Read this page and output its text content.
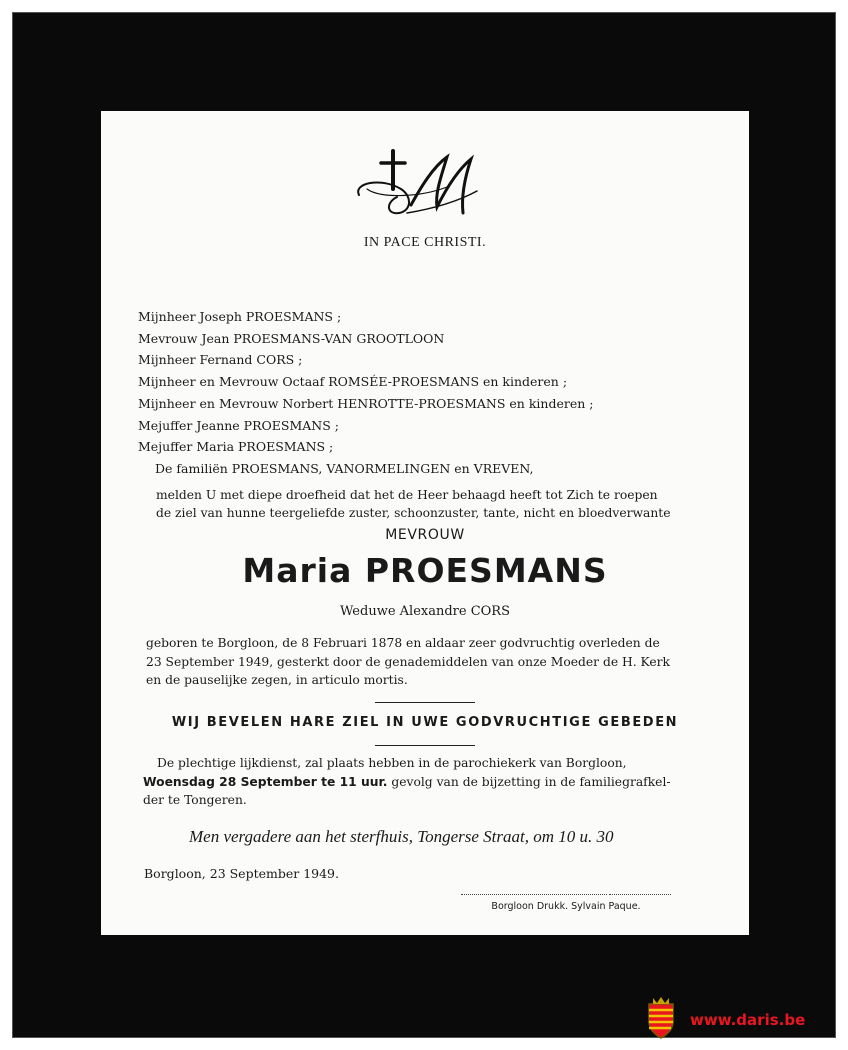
IN PACE CHRISTI.
Mijnheer Joseph PROESMANS ;
Mevrouw Jean PROESMANS-VAN GROOTLOON
Mijnheer Fernand CORS ;
Mijnheer en Mevrouw Octaaf ROMSÉE-PROESMANS en kinderen ;
Mijnheer en Mevrouw Norbert HENROTTE-PROESMANS en kinderen ;
Mejuffer Jeanne PROESMANS ;
Mejuffer Maria PROESMANS ;
De familiën PROESMANS, VANORMELINGEN en VREVEN,
melden U met diepe droefheid dat het de Heer behaagd heeft tot Zich te roepen
de ziel van hunne teergeliefde zuster, schoonzuster, tante, nicht en bloedverwante
MEVROUW
Maria PROESMANS
Weduwe Alexandre CORS
geboren te Borgloon, de 8 Februari 1878 en aldaar zeer godvruchtig overleden de
23 September 1949, gesterkt door de genademiddelen van onze Moeder de H. Kerk
en de pauselijke zegen, in articulo mortis.
WIJ BEVELEN HARE ZIEL IN UWE GODVRUCHTIGE GEBEDEN
De plechtige lijkdienst, zal plaats hebben in de parochiekerk van Borgloon,
Woensdag 28 September te 11 uur. gevolg van de bijzetting in de familiegrafkel-
der te Tongeren.
Men vergadere aan het sterfhuis, Tongerse Straat, om 10 u. 30
Borgloon, 23 September 1949.
Borgloon Drukk. Sylvain Paque.
www.daris.be
